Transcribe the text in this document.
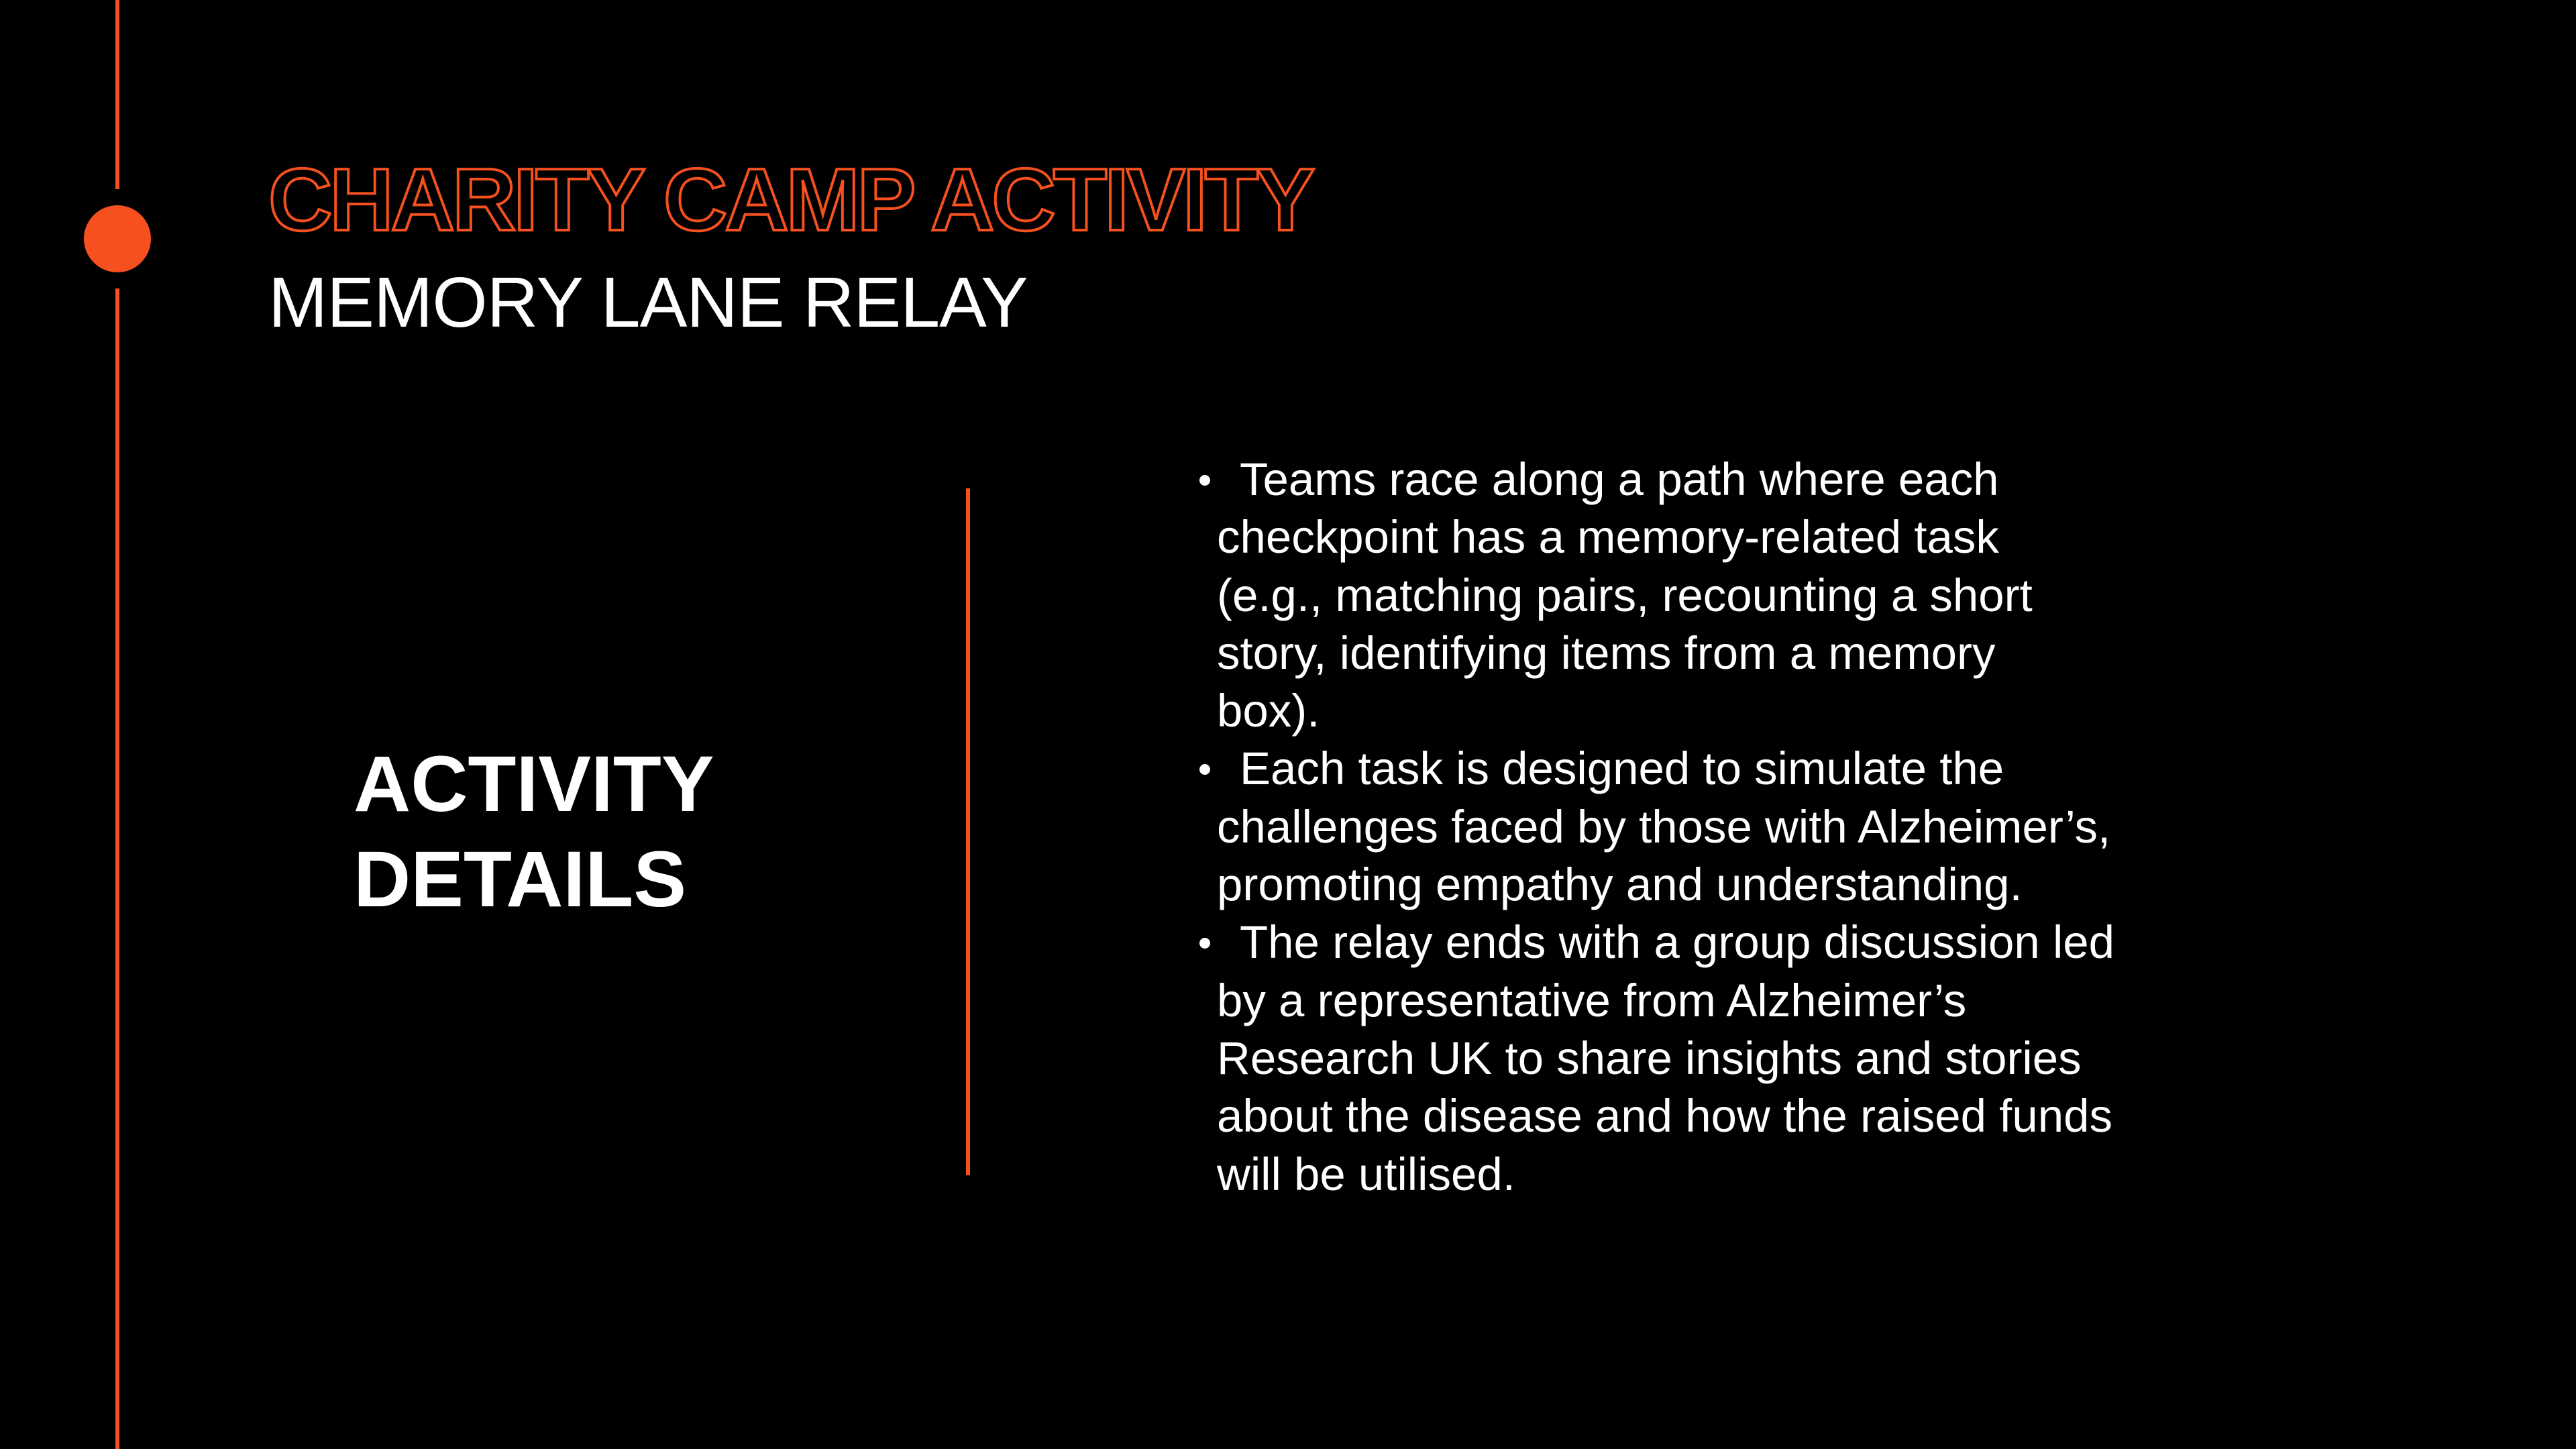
CHARITY CAMP ACTIVITY
MEMORY LANE RELAY
ACTIVITY
DETAILS
Teams race along a path where each
checkpoint has a memory-related task
(e.g., matching pairs, recounting a short
story, identifying items from a memory
box).
Each task is designed to simulate the
challenges faced by those with Alzheimer’s,
promoting empathy and understanding.
The relay ends with a group discussion led
by a representative from Alzheimer’s
Research UK to share insights and stories
about the disease and how the raised funds
will be utilised.
